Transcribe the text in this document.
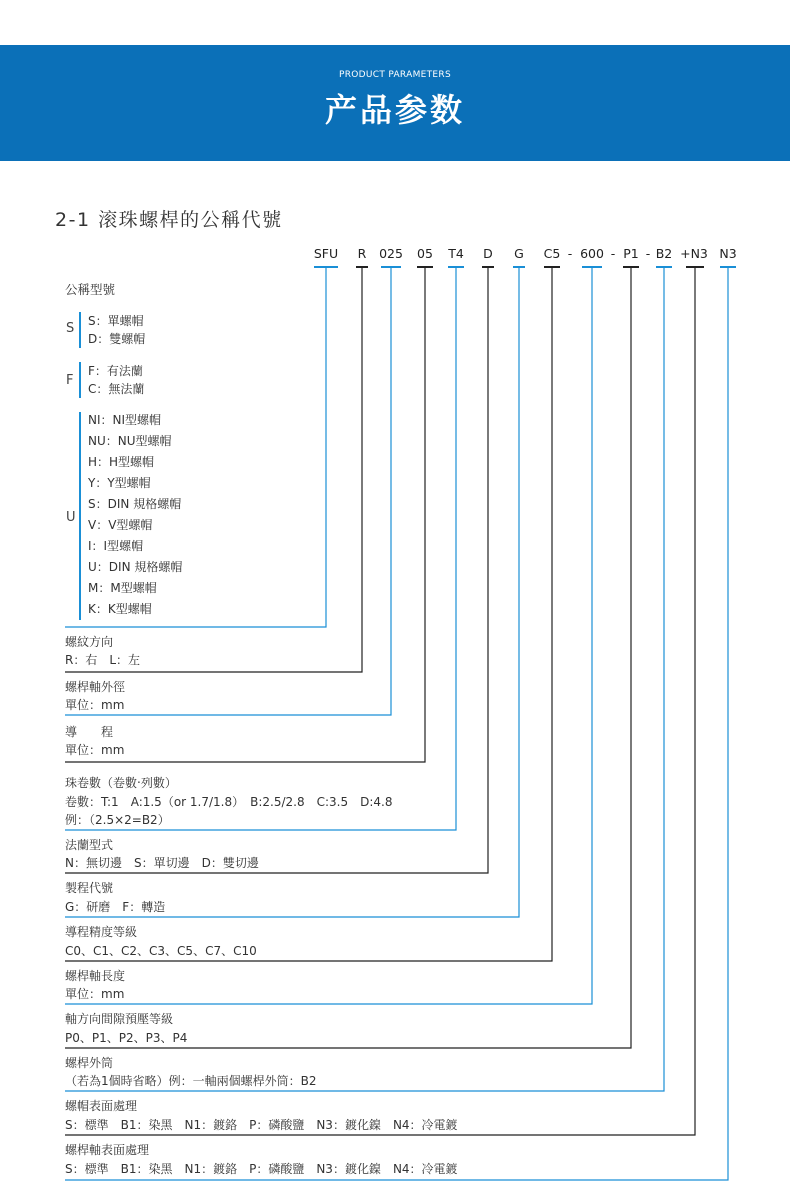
PRODUCT PARAMETERS
产品参数
2-1 滚珠螺桿的公稱代號
SFU R 025 05 T4 D G C5 - 600 - P1 - B2 +N3 N3
公稱型號
S S：單螺帽
D：雙螺帽
F
F：有法蘭
C：無法蘭
U
NI：NI型螺帽
NU：NU型螺帽
H：H型螺帽
Y：Y型螺帽
S：DIN 規格螺帽
V：V型螺帽
I：I型螺帽
U：DIN 規格螺帽
M：M型螺帽
K：K型螺帽
螺紋方向
R：右　L：左
螺桿軸外徑
單位：mm
導　　程
單位：mm
珠卷數（卷數‧列數）
卷數：T:1　A:1.5（or 1.7/1.8）　B:2.5/2.8　C:3.5　D:4.8
例：（2.5×2=B2）
法蘭型式
N：無切邊　S：單切邊　D：雙切邊
製程代號
G：研磨　F：轉造
導程精度等級
C0、C1、C2、C3、C5、C7、C10
螺桿軸長度
單位：mm
軸方向間隙預壓等級
P0、P1、P2、P3、P4
螺桿外筒
（若為1個時省略）例：一軸兩個螺桿外筒：B2
螺帽表面處理
S：標準　B1：染黑　N1：鍍鉻　P：磷酸鹽　N3：鍍化鎳　N4：冷電鍍
螺桿軸表面處理
S：標準　B1：染黑　N1：鍍鉻　P：磷酸鹽　N3：鍍化鎳　N4：冷電鍍
